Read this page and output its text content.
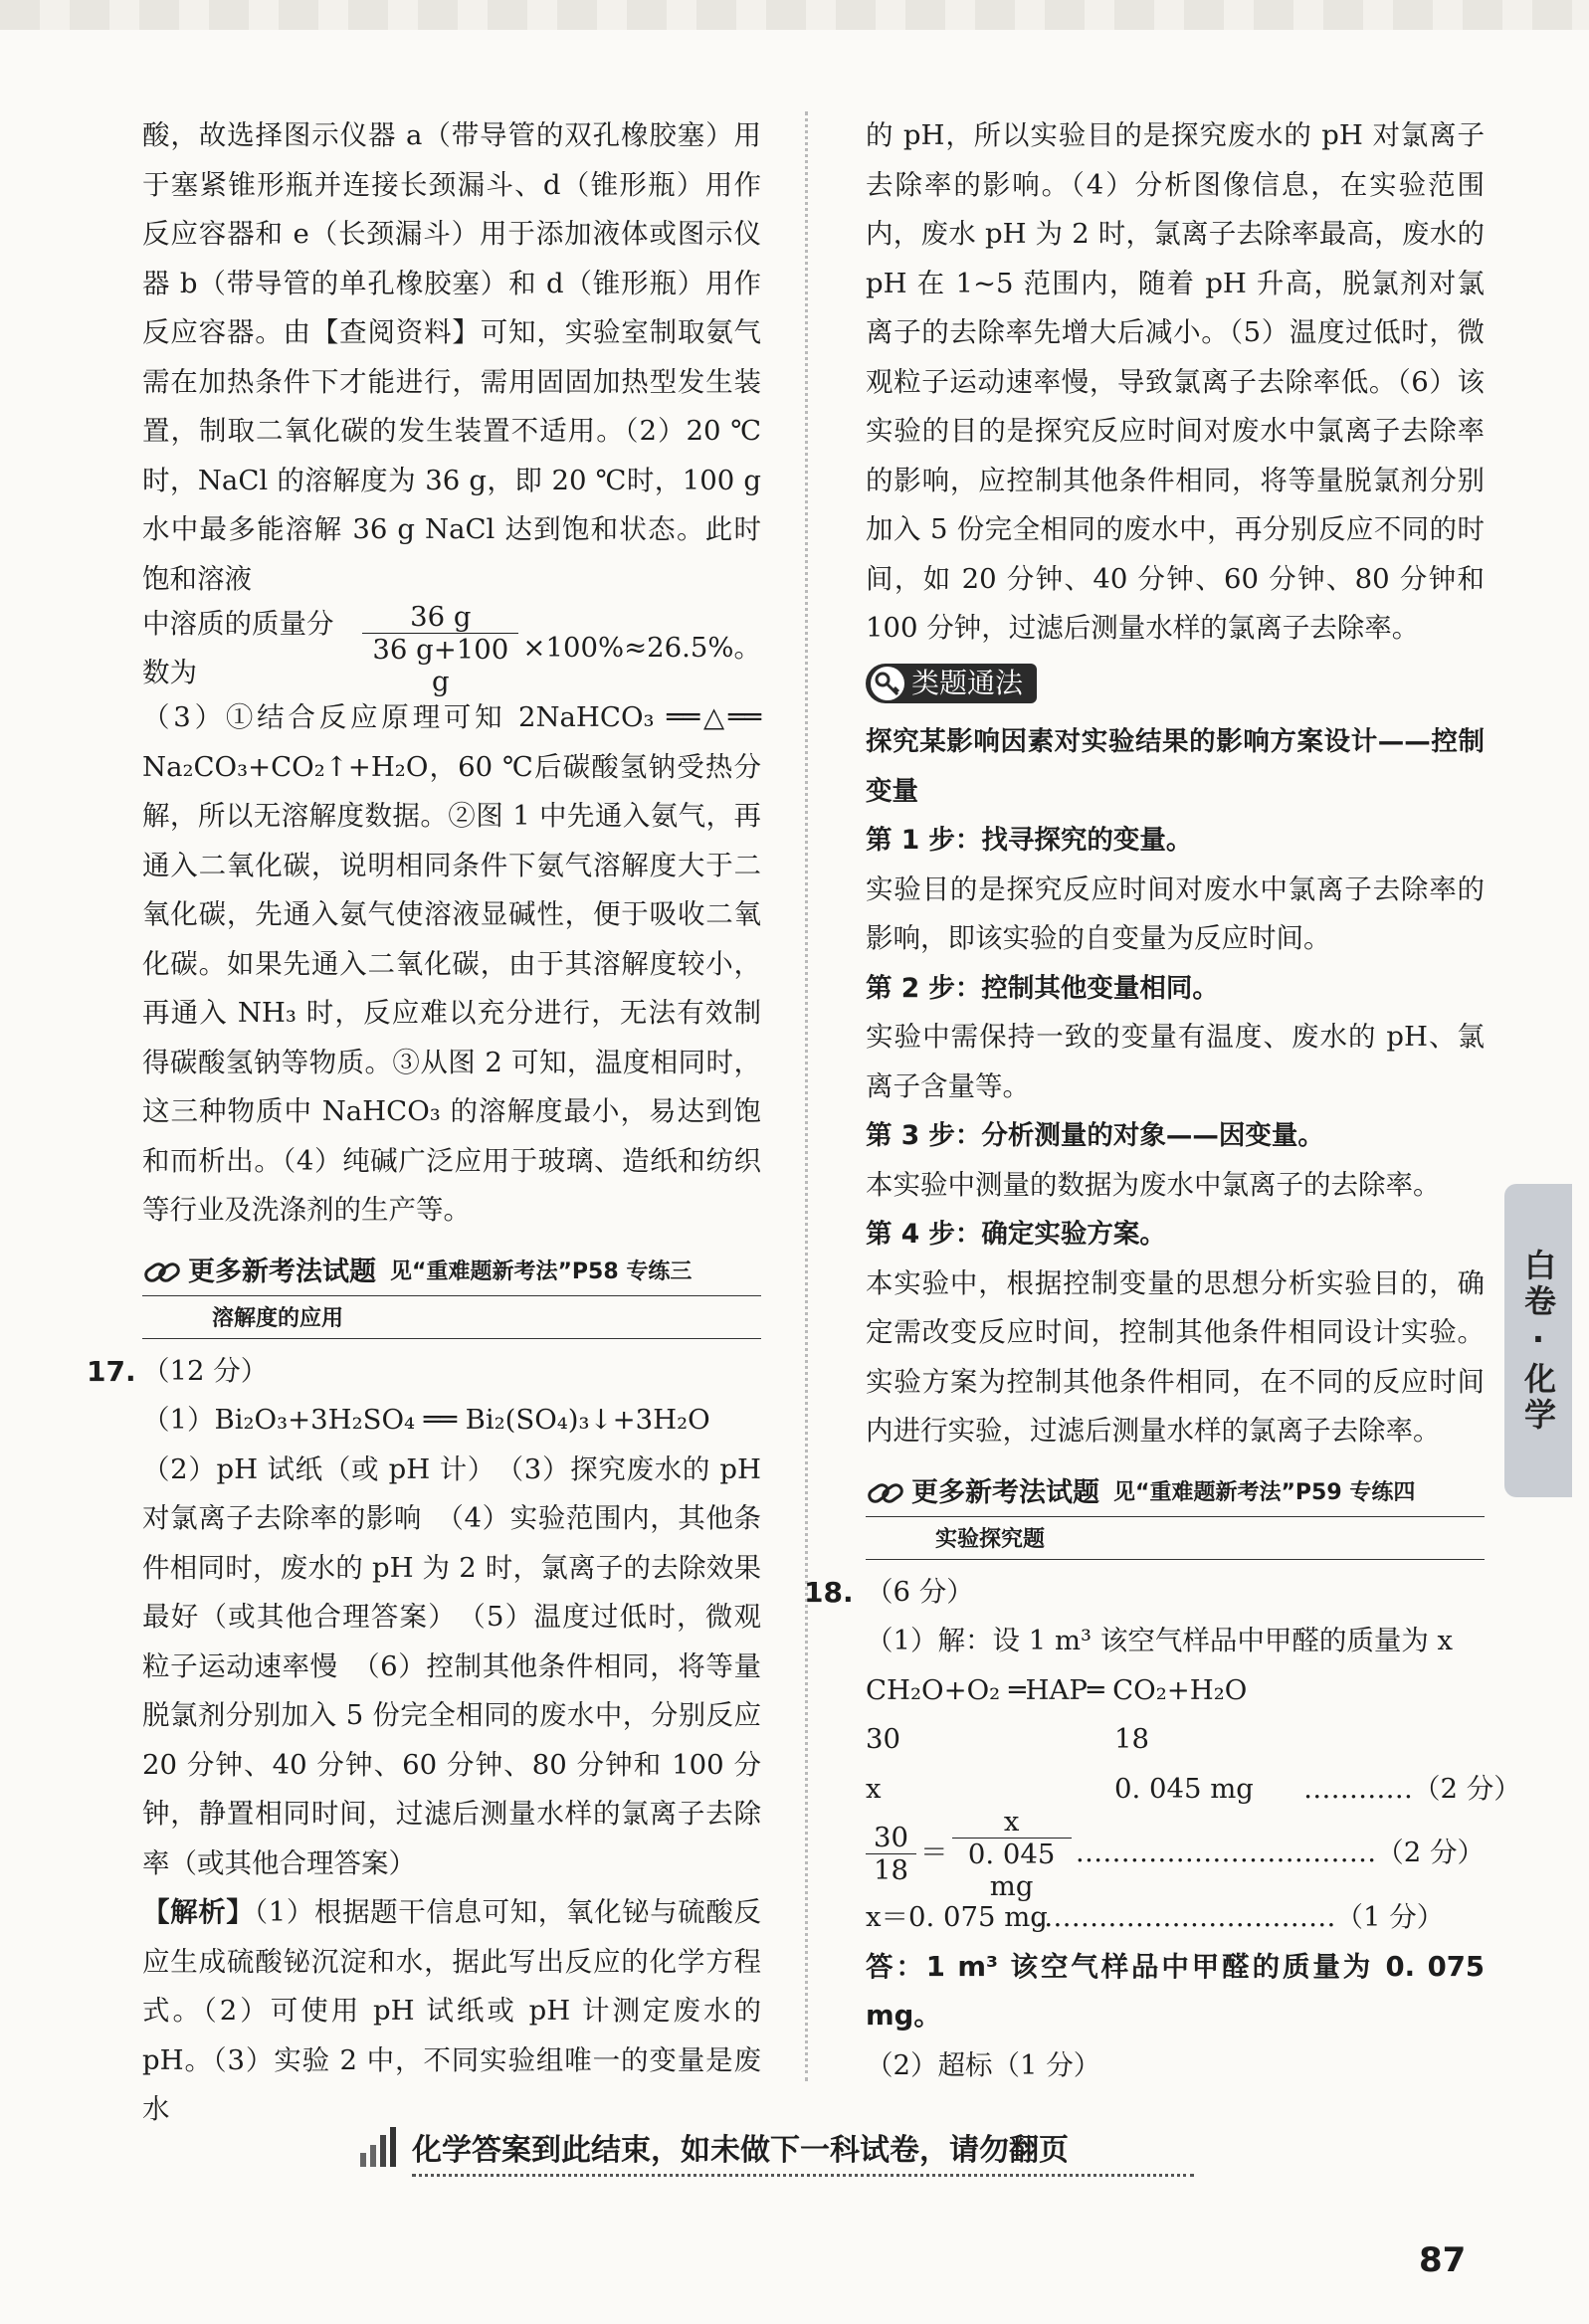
酸，故选择图示仪器 a（带导管的双孔橡胶塞）用于塞紧锥形瓶并连接长颈漏斗、d（锥形瓶）用作反应容器和 e（长颈漏斗）用于添加液体或图示仪器 b（带导管的单孔橡胶塞）和 d（锥形瓶）用作反应容器。由【查阅资料】可知，实验室制取氨气需在加热条件下才能进行，需用固固加热型发生装置，制取二氧化碳的发生装置不适用。（2）20 ℃时，NaCl 的溶解度为 36 g，即 20 ℃时，100 g 水中最多能溶解 36 g NaCl 达到饱和状态。此时饱和溶液

中溶质的质量分数为	$\frac{36 g}{36 g+100 g} \times 100\%\approx 26.5\%$。

（3）①结合反应原理可知 2NaHCO₃ ══△══ Na₂CO₃+CO₂↑+H₂O，60 ℃后碳酸氢钠受热分解，所以无溶解度数据。②图 1 中先通入氨气，再通入二氧化碳，说明相同条件下氨气溶解度大于二氧化碳，先通入氨气使溶液显碱性，便于吸收二氧化碳。如果先通入二氧化碳，由于其溶解度较小，再通入 NH₃ 时，反应难以充分进行，无法有效制得碳酸氢钠等物质。③从图 2 可知，温度相同时，这三种物质中 NaHCO₃ 的溶解度最小，易达到饱和而析出。（4）纯碱广泛应用于玻璃、造纸和纺织等行业及洗涤剂的生产等。

更多新考法试题 见“重难题新考法”P58 专练三
溶解度的应用
17. （12 分）

（1）Bi₂O₃+3H₂SO₄ ══ Bi₂(SO₄)₃↓+3H₂O

（2）pH 试纸（或 pH 计）　（3）探究废水的 pH 对氯离子去除率的影响　（4）实验范围内，其他条件相同时，废水的 pH 为 2 时，氯离子的去除效果最好（或其他合理答案）　（5）温度过低时，微观粒子运动速率慢　（6）控制其他条件相同，将等量脱氯剂分别加入 5 份完全相同的废水中，分别反应 20 分钟、40 分钟、60 分钟、80 分钟和 100 分钟，静置相同时间，过滤后测量水样的氯离子去除率（或其他合理答案）

【解析】（1）根据题干信息可知，氧化铋与硫酸反应生成硫酸铋沉淀和水，据此写出反应的化学方程式。（2）可使用 pH 试纸或 pH 计测定废水的 pH。（3）实验 2 中，不同实验组唯一的变量是废水

的 pH，所以实验目的是探究废水的 pH 对氯离子去除率的影响。（4）分析图像信息，在实验范围内，废水 pH 为 2 时，氯离子去除率最高，废水的 pH 在 1~5 范围内，随着 pH 升高，脱氯剂对氯离子的去除率先增大后减小。（5）温度过低时，微观粒子运动速率慢，导致氯离子去除率低。（6）该实验的目的是探究反应时间对废水中氯离子去除率的影响，应控制其他条件相同，将等量脱氯剂分别加入 5 份完全相同的废水中，再分别反应不同的时间，如 20 分钟、40 分钟、60 分钟、80 分钟和 100 分钟，过滤后测量水样的氯离子去除率。

类题通法

探究某影响因素对实验结果的影响方案设计——控制变量

第 1 步：找寻探究的变量。

实验目的是探究反应时间对废水中氯离子去除率的影响，即该实验的自变量为反应时间。

第 2 步：控制其他变量相同。

实验中需保持一致的变量有温度、废水的 pH、氯离子含量等。

第 3 步：分析测量的对象——因变量。

本实验中测量的数据为废水中氯离子的去除率。

第 4 步：确定实验方案。

本实验中，根据控制变量的思想分析实验目的，确定需改变反应时间，控制其他条件相同设计实验。实验方案为控制其他条件相同，在不同的反应时间内进行实验，过滤后测量水样的氯离子去除率。

更多新考法试题 见“重难题新考法”P59 专练四
实验探究题
18. （6 分）

（1）解：设 1 m³ 该空气样品中甲醛的质量为 x

CH₂O+O₂ ═HAP═ CO₂+H₂O

30	18
x	0. 045 mg …………（2 分）
$\frac{30}{18} = \frac{x}{0. 045 mg}$ ……………………………（2 分）
x＝0. 075 mg
……………………………（1 分）

答：1 m³ 该空气样品中甲醛的质量为 0. 075 mg。

（2）超标（1 分）

白卷·化学
化学答案到此结束，如未做下一科试卷，请勿翻页
87
